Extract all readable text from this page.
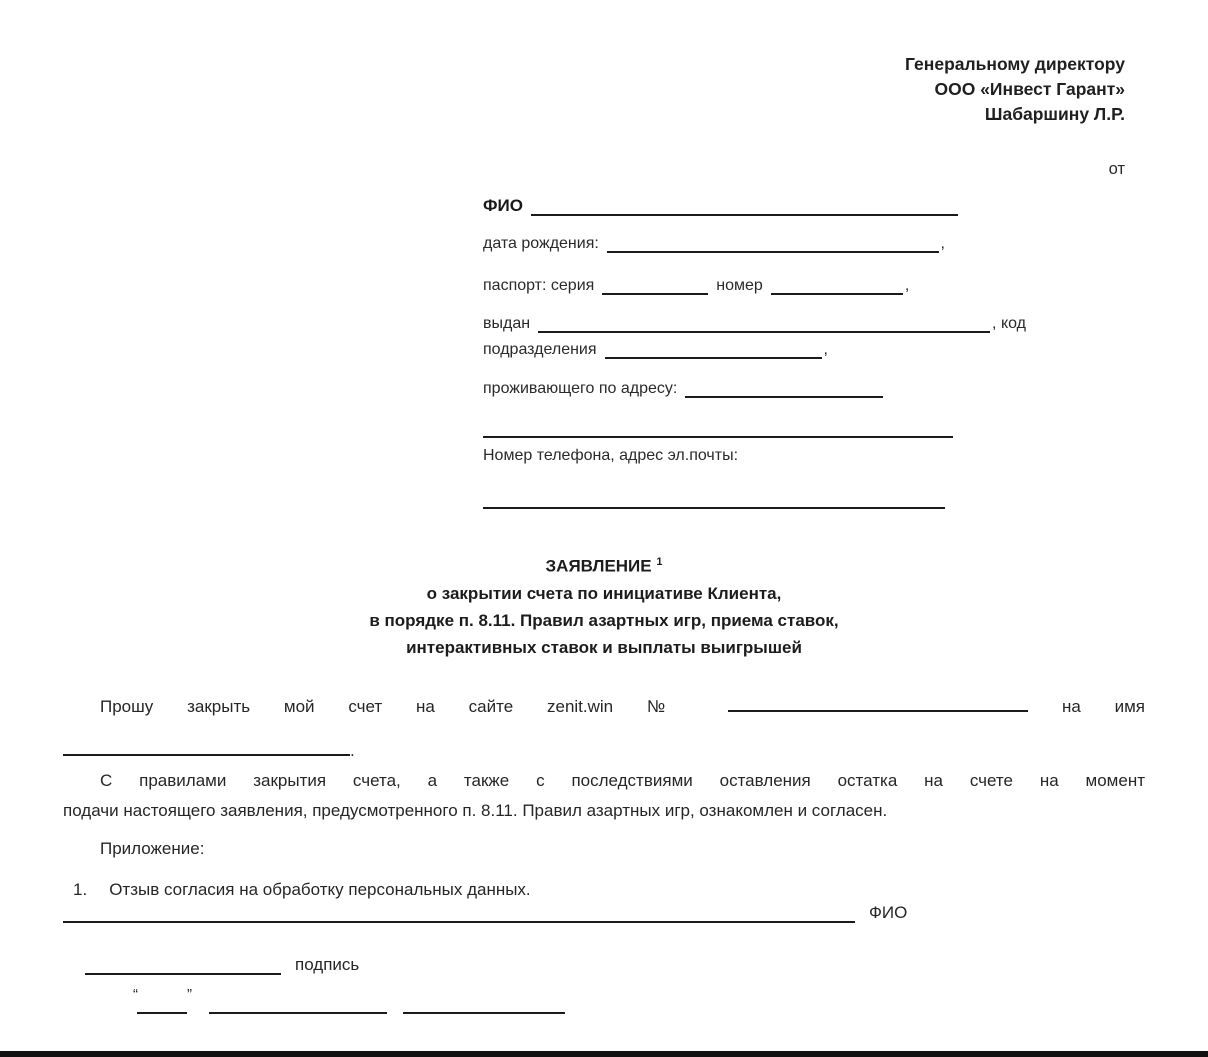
Генеральному директору
ООО «Инвест Гарант»
Шабаршину Л.Р.
от
ФИО
дата рождения:	,
паспорт: серия	номер	,
выдан	, код
подразделения	,
проживающего по адресу:
Номер телефона, адрес эл.почты:
ЗАЯВЛЕНИЕ $^1$
о закрытии счета по инициативе Клиента,
в порядке п. 8.11. Правил азартных игр, приема ставок,
интерактивных ставок и выплаты выигрышей
Прошу закрыть мой счет на сайте zenit.win №	на имя
.
С правилами закрытия счета, а также с последствиями оставления остатка на счете на момент
подачи настоящего заявления, предусмотренного п. 8.11. Правил азартных игр, ознакомлен и согласен.
Приложение:
1. Отзыв согласия на обработку персональных данных.
ФИО
подпись
“	”
